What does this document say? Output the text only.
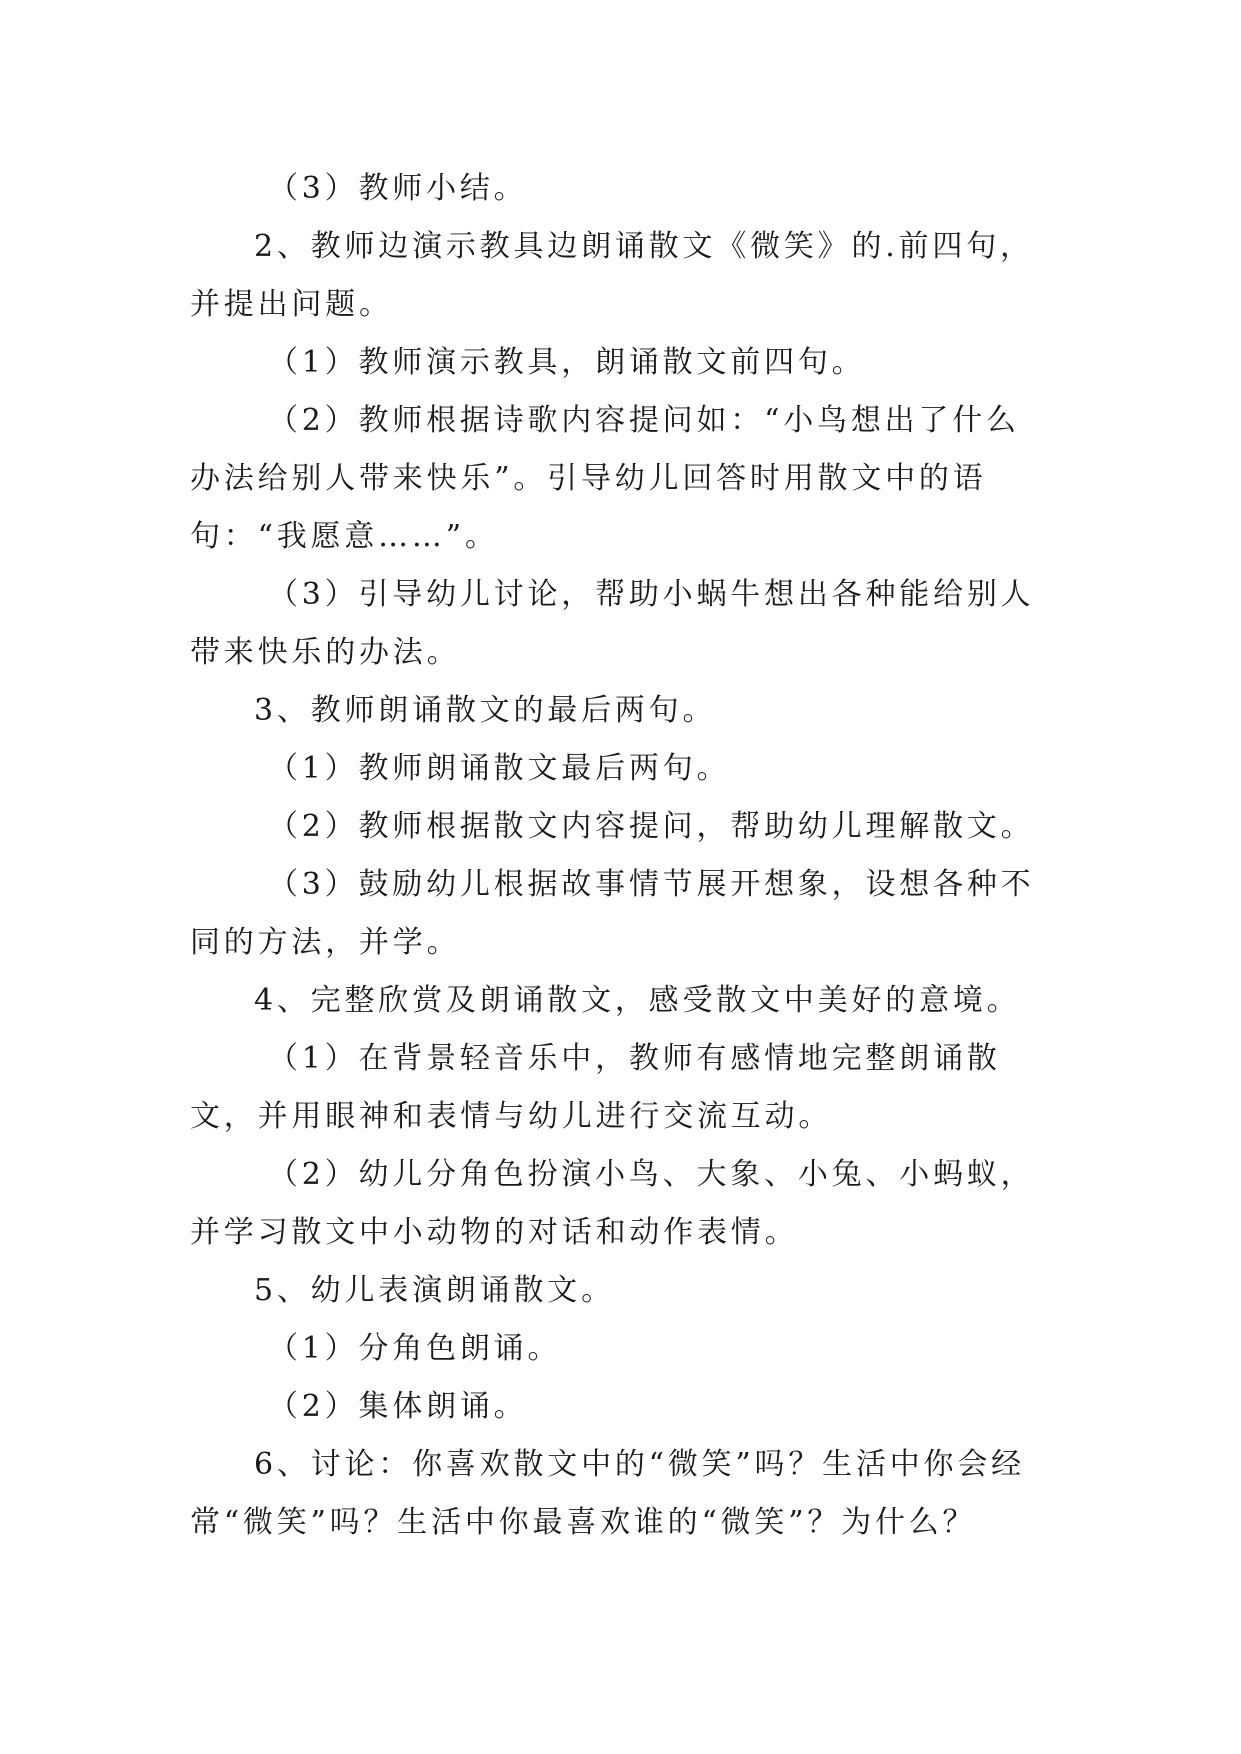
（3）教师小结。

2、教师边演示教具边朗诵散文《微笑》的.前四句，并提出问题。

（1）教师演示教具，朗诵散文前四句。

（2）教师根据诗歌内容提问如：“小鸟想出了什么办法给别人带来快乐”。引导幼儿回答时用散文中的语句：“我愿意……”。

（3）引导幼儿讨论，帮助小蜗牛想出各种能给别人带来快乐的办法。

3、教师朗诵散文的最后两句。

（1）教师朗诵散文最后两句。

（2）教师根据散文内容提问，帮助幼儿理解散文。

（3）鼓励幼儿根据故事情节展开想象，设想各种不同的方法，并学。

4、完整欣赏及朗诵散文，感受散文中美好的意境。

（1）在背景轻音乐中，教师有感情地完整朗诵散文，并用眼神和表情与幼儿进行交流互动。

（2）幼儿分角色扮演小鸟、大象、小兔、小蚂蚁，并学习散文中小动物的对话和动作表情。

5、幼儿表演朗诵散文。

（1）分角色朗诵。

（2）集体朗诵。

6、讨论：你喜欢散文中的“微笑”吗？生活中你会经常“微笑”吗？生活中你最喜欢谁的“微笑”？为什么？
